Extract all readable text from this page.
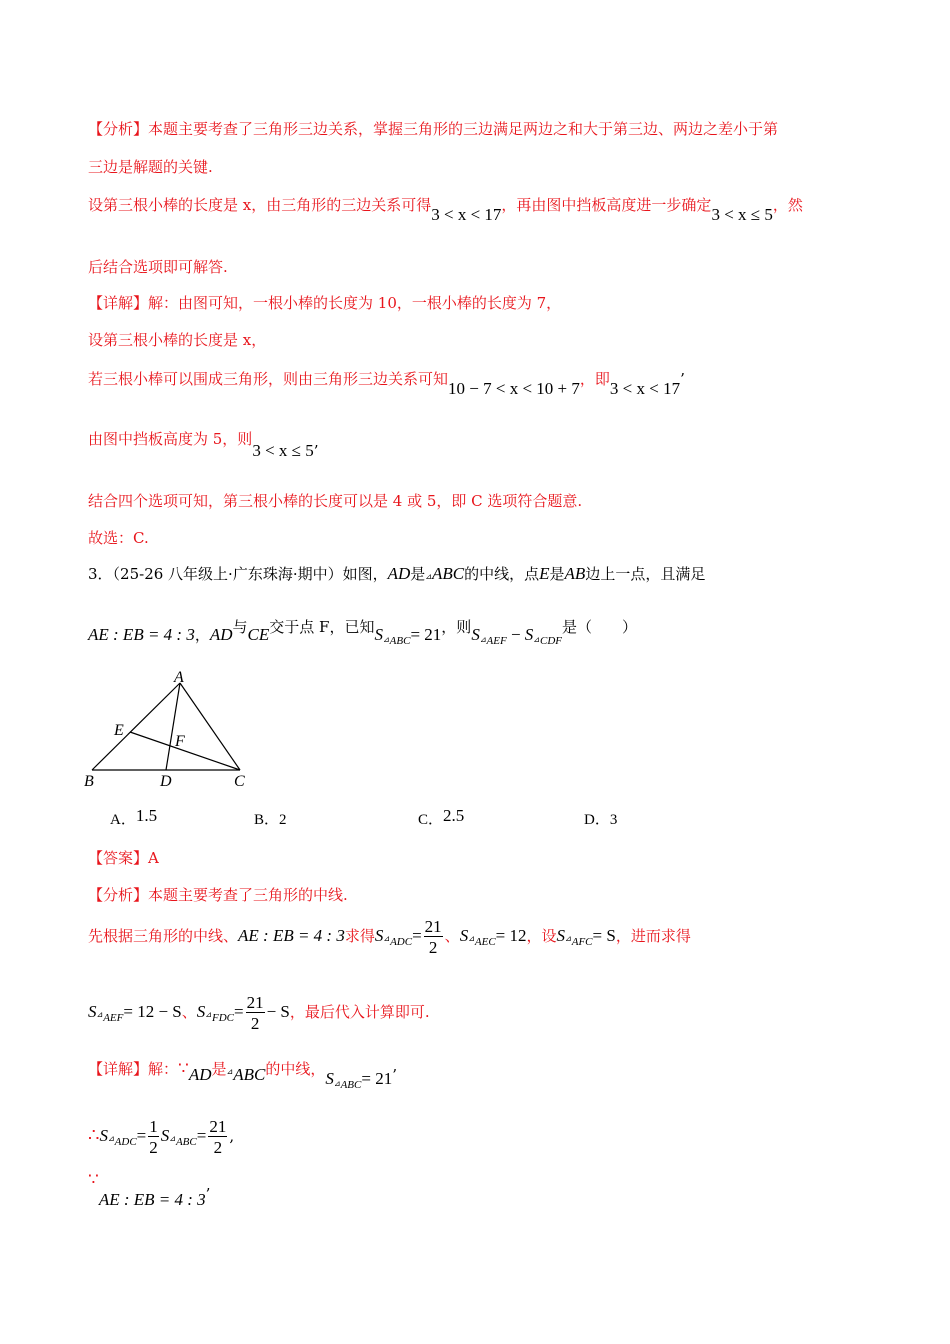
【分析】本题主要考查了三角形三边关系，掌握三角形的三边满足两边之和大于第三边、两边之差小于第
三边是解题的关键.
设第三根小棒的长度是 x，由三角形的三边关系可得3 < x < 17，再由图中挡板高度进一步确定3 < x ≤ 5，然
后结合选项即可解答.
【详解】解：由图可知，一根小棒的长度为 10，一根小棒的长度为 7，
设第三根小棒的长度是 x，
若三根小棒可以围成三角形，则由三角形三边关系可知10 − 7 < x < 10 + 7，即3 < x < 17’
由图中挡板高度为 5，则3 < x ≤ 5’
结合四个选项可知，第三根小棒的长度可以是 4 或 5，即 C 选项符合题意.
故选：C.
3．（25-26 八年级上·广东珠海·期中）如图，AD是⊿ABC的中线，点E是AB边上一点，且满足
AE : EB = 4 : 3，AD与CE交于点 F，已知$S_{⊿ABC}= 21$，则$S_{⊿AEF} - S_{⊿CDF}$是（　　）
A
E
F
B	D	C
A．1.5	B．2	C．2.5	D．3
【答案】A
【分析】本题主要考查了三角形的中线.
先根据三角形的中线、AE : EB = 4 : 3求得$S⊿_{ADC}= \frac{21}{2}$ 、$S⊿_{AEC}= 12$，设$S⊿_{AFC}= S$，进而求得
$S⊿_{AEF}= 12 - S$、$S⊿_{FDC}= \frac{21}{2} - S$，最后代入计算即可.
【详解】解：∵AD是⊿ABC的中线，$S_{⊿ABC}= 21$’
$\therefore S⊿_{ADC}= \frac{1}{2}$ $S⊿_{ABC}= \frac{21}{2}$ ,
∵AE : EB = 4 : 3’
